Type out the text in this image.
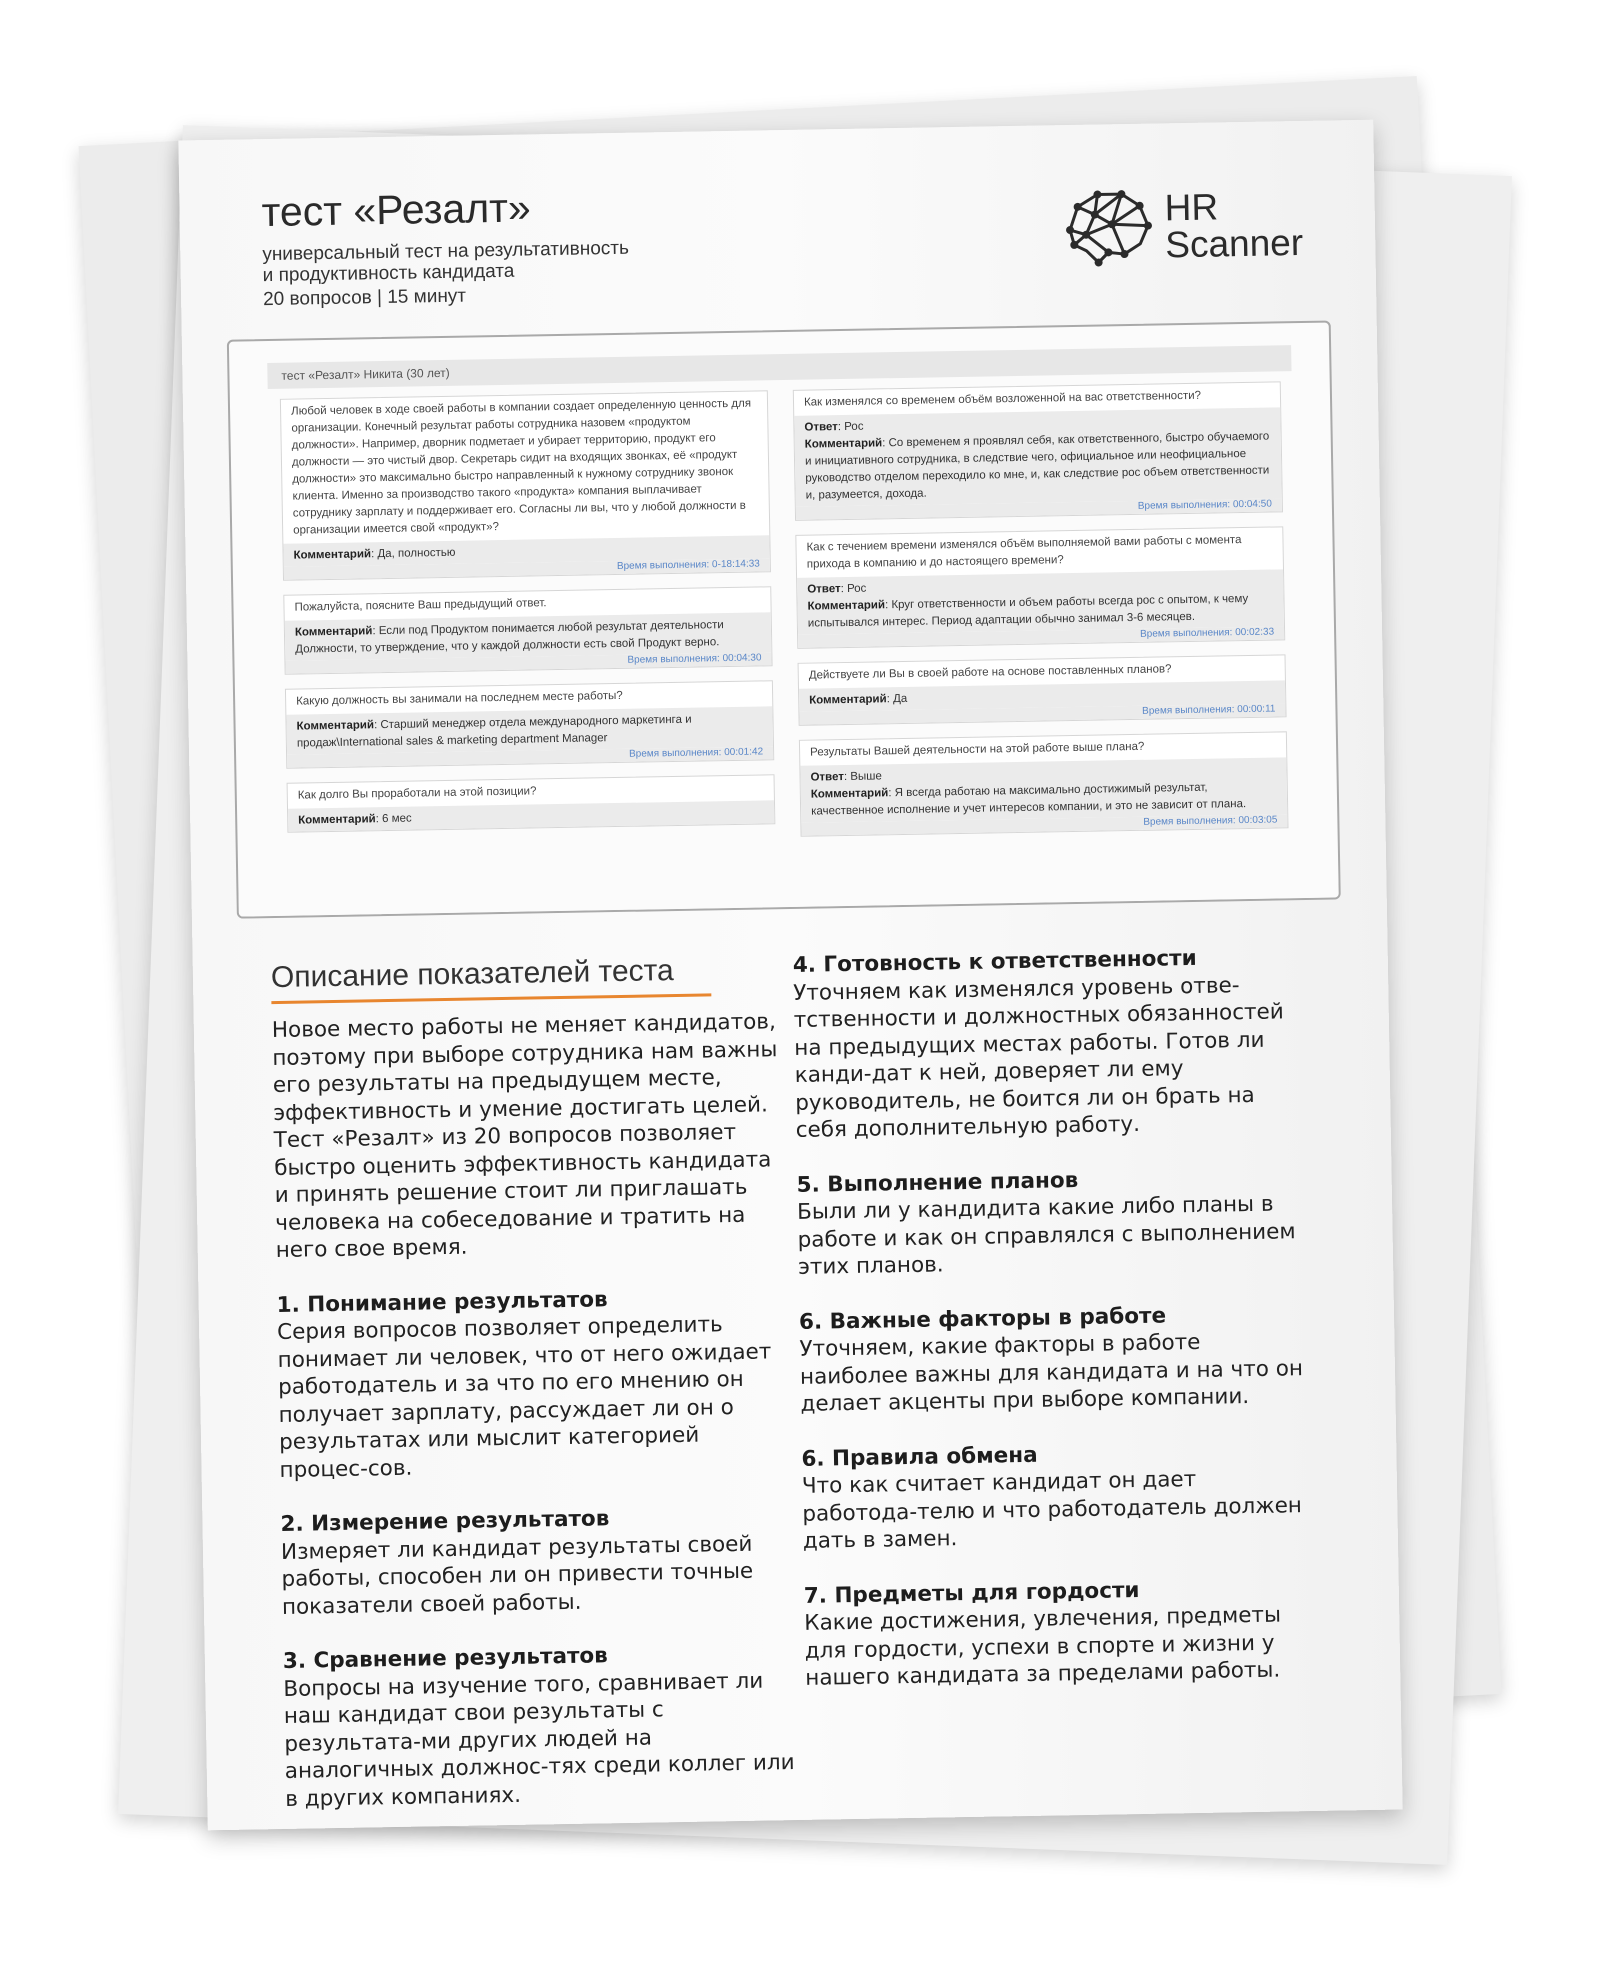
тест «Резалт»
универсальный тест на результативность
и продуктивность кандидата
20 вопросов | 15 минут
HR
Scanner
тест «Резалт» Никита (30 лет)
Любой человек в ходе своей работы в компании создает определенную ценность для организации. Конечный результат работы сотрудника назовем «продуктом должности». Например, дворник подметает и убирает территорию, продукт его должности — это чистый двор. Секретарь сидит на входящих звонках, её «продукт должности» это максимально быстро направленный к нужному сотруднику звонок клиента. Именно за производство такого «продукта» компания выплачивает сотруднику зарплату и поддерживает его. Согласны ли вы, что у любой должности в организации имеется свой «продукт»?
Комментарий: Да, полностью
Время выполнения: 0-18:14:33
Пожалуйста, поясните Ваш предыдущий ответ.
Комментарий: Если под Продуктом понимается любой результат деятельности Должности, то утверждение, что у каждой должности есть свой Продукт верно.
Время выполнения: 00:04:30
Какую должность вы занимали на последнем месте работы?
Комментарий: Старший менеджер отдела международного маркетинга и продаж\International sales & marketing department Manager
Время выполнения: 00:01:42
Как долго Вы проработали на этой позиции?
Комментарий: 6 мес
Как изменялся со временем объём возложенной на вас ответственности?
Ответ: Рос
Комментарий: Со временем я проявлял себя, как ответственного, быстро обучаемого и инициативного сотрудника, в следствие чего, официальное или неофициальное руководство отделом переходило ко мне, и, как следствие рос объем ответственности и, разумеется, дохода.
Время выполнения: 00:04:50
Как с течением времени изменялся объём выполняемой вами работы с момента прихода в компанию и до настоящего времени?
Ответ: Рос
Комментарий: Круг ответственности и объем работы всегда рос с опытом, к чему испытывался интерес. Период адаптации обычно занимал 3-6 месяцев.
Время выполнения: 00:02:33
Действуете ли Вы в своей работе на основе поставленных планов?
Комментарий: Да
Время выполнения: 00:00:11
Результаты Вашей деятельности на этой работе выше плана?
Ответ: Выше
Комментарий: Я всегда работаю на максимально достижимый результат, качественное исполнение и учет интересов компании, и это не зависит от плана.
Время выполнения: 00:03:05
Описание показателей теста

Новое место работы не меняет кандидатов, поэтому при выборе сотрудника нам важны его результаты на предыдущем месте, эффективность и умение достигать целей. Тест «Резалт» из 20 вопросов позволяет быстро оценить эффективность кандидата и принять решение стоит ли приглашать человека на собеседование и тратить на него свое время.

1. Понимание результатов

Серия вопросов позволяет определить понимает ли человек, что от него ожидает работодатель и за что по его мнению он получает зарплату, рассуждает ли он о результатах или мыслит категорией процес-сов.

2. Измерение результатов

Измеряет ли кандидат результаты своей работы, способен ли он привести точные показатели своей работы.

3. Сравнение результатов

Вопросы на изучение того, сравнивает ли наш кандидат свои результаты с результата-ми других людей на аналогичных должнос-тях среди коллег или в других компаниях.

4. Готовность к ответственности

Уточняем как изменялся уровень отве-тственности и должностных обязанностей на предыдущих местах работы. Готов ли канди-дат к ней, доверяет ли ему руководитель, не боится ли он брать на себя дополнительную работу.

5. Выполнение планов

Были ли у кандидита какие либо планы в работе и как он справлялся с выполнением этих планов.

6. Важные факторы в работе

Уточняем, какие факторы в работе наиболее важны для кандидата и на что он делает акценты при выборе компании.

6. Правила обмена

Что как считает кандидат он дает работода-телю и что работодатель должен дать в замен.

7. Предметы для гордости

Какие достижения, увлечения, предметы для гордости, успехи в спорте и жизни у нашего кандидата за пределами работы.
